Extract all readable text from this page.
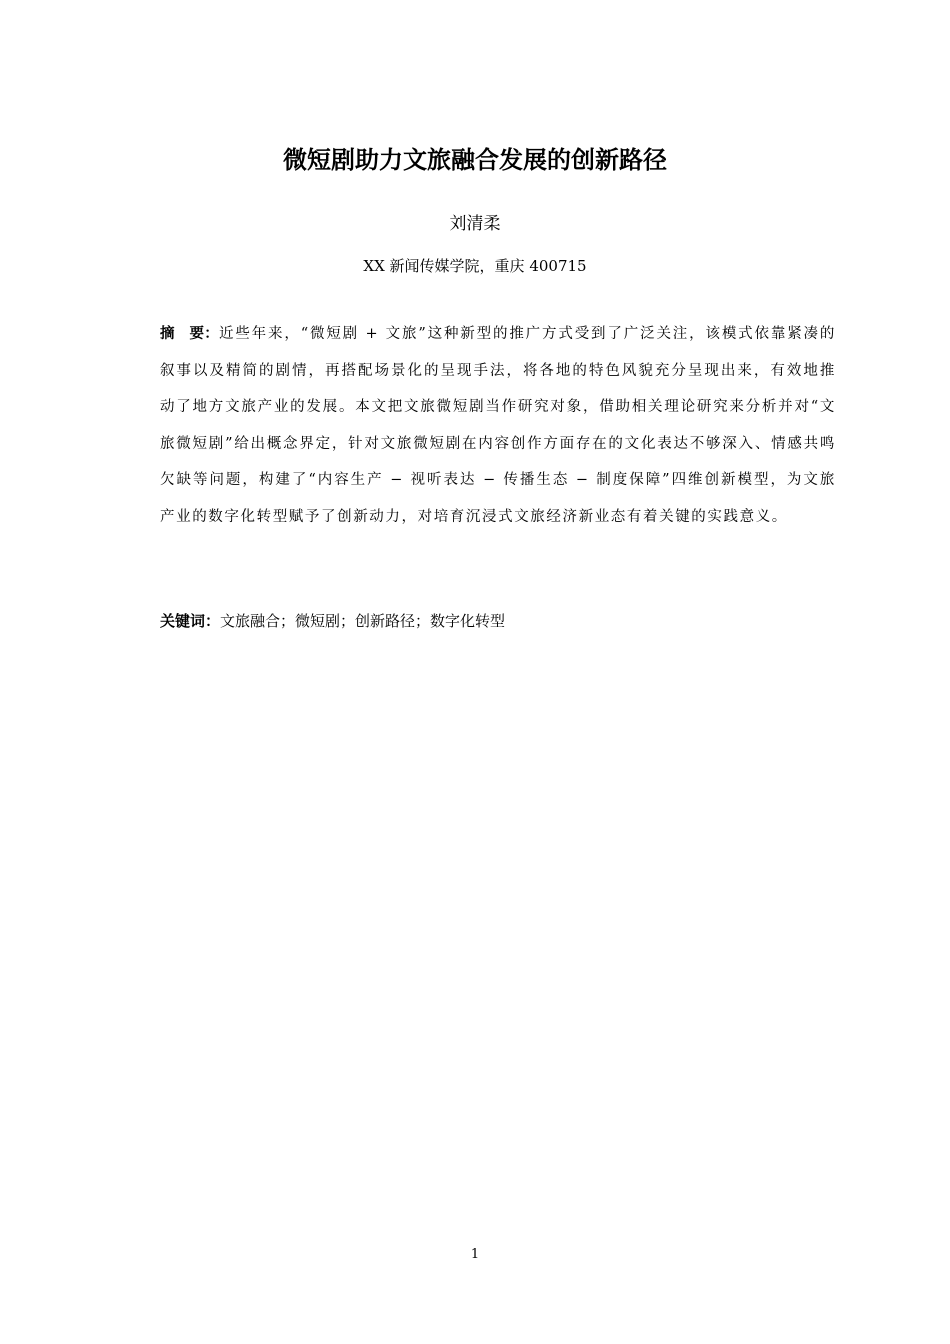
微短剧助力文旅融合发展的创新路径
刘清柔
XX 新闻传媒学院，重庆 400715

摘　要：近些年来，“微短剧 + 文旅”这种新型的推广方式受到了广泛关注，该模式依靠紧凑的叙事以及精简的剧情，再搭配场景化的呈现手法，将各地的特色风貌充分呈现出来，有效地推动了地方文旅产业的发展。本文把文旅微短剧当作研究对象，借助相关理论研究来分析并对“文旅微短剧”给出概念界定，针对文旅微短剧在内容创作方面存在的文化表达不够深入、情感共鸣欠缺等问题，构建了“内容生产 − 视听表达 − 传播生态 − 制度保障”四维创新模型，为文旅产业的数字化转型赋予了创新动力，对培育沉浸式文旅经济新业态有着关键的实践意义。

关键词：文旅融合；微短剧；创新路径；数字化转型

1
